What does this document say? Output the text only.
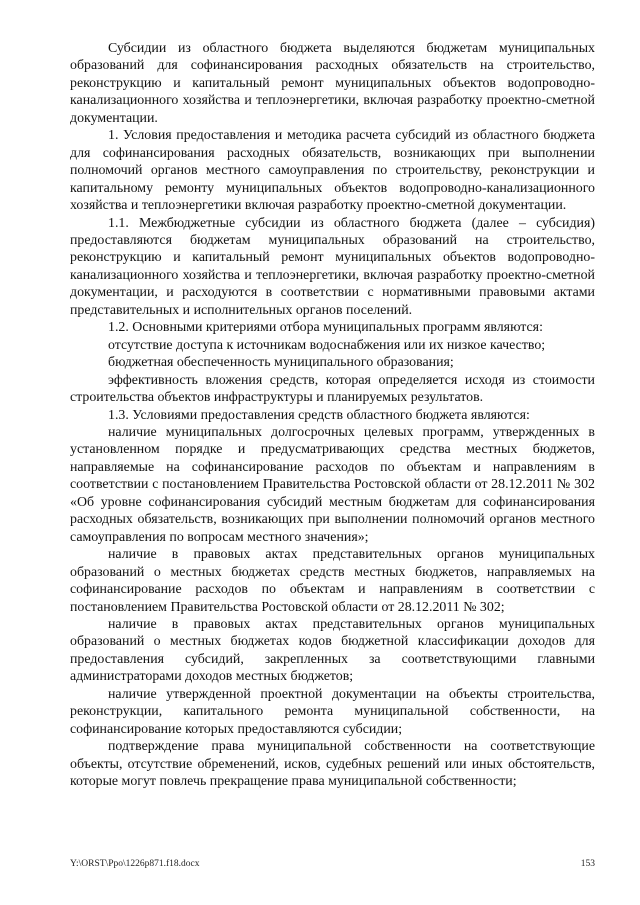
Субсидии из областного бюджета выделяются бюджетам муниципальных образований для софинансирования расходных обязательств на строительство, реконструкцию и капитальный ремонт муниципальных объектов водопроводно-канализационного хозяйства и теплоэнергетики, включая разработку проектно-сметной документации.

1. Условия предоставления и методика расчета субсидий из областного бюджета для софинансирования расходных обязательств, возникающих при выполнении полномочий органов местного самоуправления по строительству, реконструкции и капитальному ремонту муниципальных объектов водопроводно-канализационного хозяйства и теплоэнергетики включая разработку проектно-сметной документации.

1.1. Межбюджетные субсидии из областного бюджета (далее – субсидия) предоставляются бюджетам муниципальных образований на строительство, реконструкцию и капитальный ремонт муниципальных объектов водопроводно-канализационного хозяйства и теплоэнергетики, включая разработку проектно-сметной документации, и расходуются в соответствии с нормативными правовыми актами представительных и исполнительных органов поселений.

1.2. Основными критериями отбора муниципальных программ являются:

отсутствие доступа к источникам водоснабжения или их низкое качество;

бюджетная обеспеченность муниципального образования;

эффективность вложения средств, которая определяется исходя из стоимости строительства объектов инфраструктуры и планируемых результатов.

1.3. Условиями предоставления средств областного бюджета являются:

наличие муниципальных долгосрочных целевых программ, утвержденных в установленном порядке и предусматривающих средства местных бюджетов, направляемые на софинансирование расходов по объектам и направлениям в соответствии с постановлением Правительства Ростовской области от 28.12.2011 № 302 «Об уровне софинансирования субсидий местным бюджетам для софинансирования расходных обязательств, возникающих при выполнении полномочий органов местного самоуправления по вопросам местного значения»;

наличие в правовых актах представительных органов муниципальных образований о местных бюджетах средств местных бюджетов, направляемых на софинансирование расходов по объектам и направлениям в соответствии с постановлением Правительства Ростовской области от 28.12.2011 № 302;

наличие в правовых актах представительных органов муниципальных образований о местных бюджетах кодов бюджетной классификации доходов для предоставления субсидий, закрепленных за соответствующими главными администраторами доходов местных бюджетов;

наличие утвержденной проектной документации на объекты строительства, реконструкции, капитального ремонта муниципальной собственности, на софинансирование которых предоставляются субсидии;

подтверждение права муниципальной собственности на соответствующие объекты, отсутствие обременений, исков, судебных решений или иных обстоятельств, которые могут повлечь прекращение права муниципальной собственности;

Y:\ORST\Ppo\1226p871.f18.docx	153
